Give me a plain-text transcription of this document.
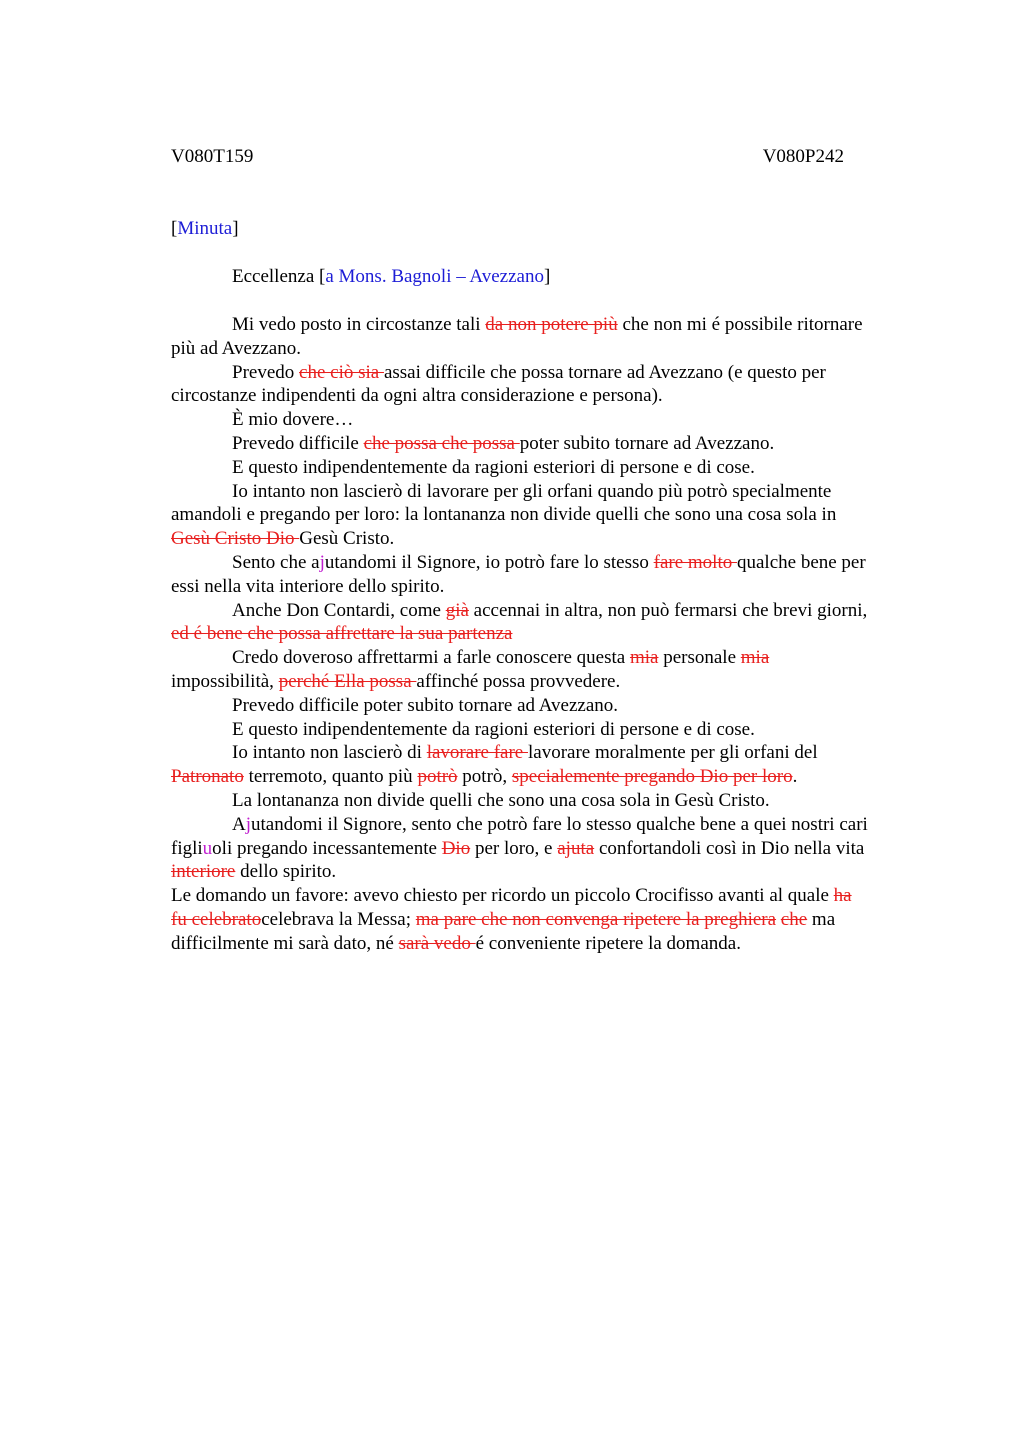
V080T159	V080P242
[Minuta]
Eccellenza [a Mons. Bagnoli – Avezzano]
Mi vedo posto in circostanze tali da non potere più che non mi é possibile ritornare
più ad Avezzano.
Prevedo che ciò sia assai difficile che possa tornare ad Avezzano (e questo per
circostanze indipendenti da ogni altra considerazione e persona).
È mio dovere…
Prevedo difficile che possa che possa poter subito tornare ad Avezzano.
E questo indipendentemente da ragioni esteriori di persone e di cose.
Io intanto non lascierò di lavorare per gli orfani quando più potrò specialmente
amandoli e pregando per loro: la lontananza non divide quelli che sono una cosa sola in
Gesù Cristo Dio Gesù Cristo.
Sento che ajutandomi il Signore, io potrò fare lo stesso fare molto qualche bene per
essi nella vita interiore dello spirito.
Anche Don Contardi, come già accennai in altra, non può fermarsi che brevi giorni,
ed é bene che possa affrettare la sua partenza
Credo doveroso affrettarmi a farle conoscere questa mia personale mia
impossibilità, perché Ella possa affinché possa provvedere.
Prevedo difficile poter subito tornare ad Avezzano.
E questo indipendentemente da ragioni esteriori di persone e di cose.
Io intanto non lascierò di lavorare fare lavorare moralmente per gli orfani del
Patronato terremoto, quanto più potrò potrò, specialemente pregando Dio per loro.
La lontananza non divide quelli che sono una cosa sola in Gesù Cristo.
Ajutandomi il Signore, sento che potrò fare lo stesso qualche bene a quei nostri cari
figliuoli pregando incessantemente Dio per loro, e ajuta confortandoli così in Dio nella vita
interiore dello spirito.
Le domando un favore: avevo chiesto per ricordo un piccolo Crocifisso avanti al quale ha
fu celebratocelebrava la Messa; ma pare che non convenga ripetere la preghiera che ma
difficilmente mi sarà dato, né sarà vedo é conveniente ripetere la domanda.
